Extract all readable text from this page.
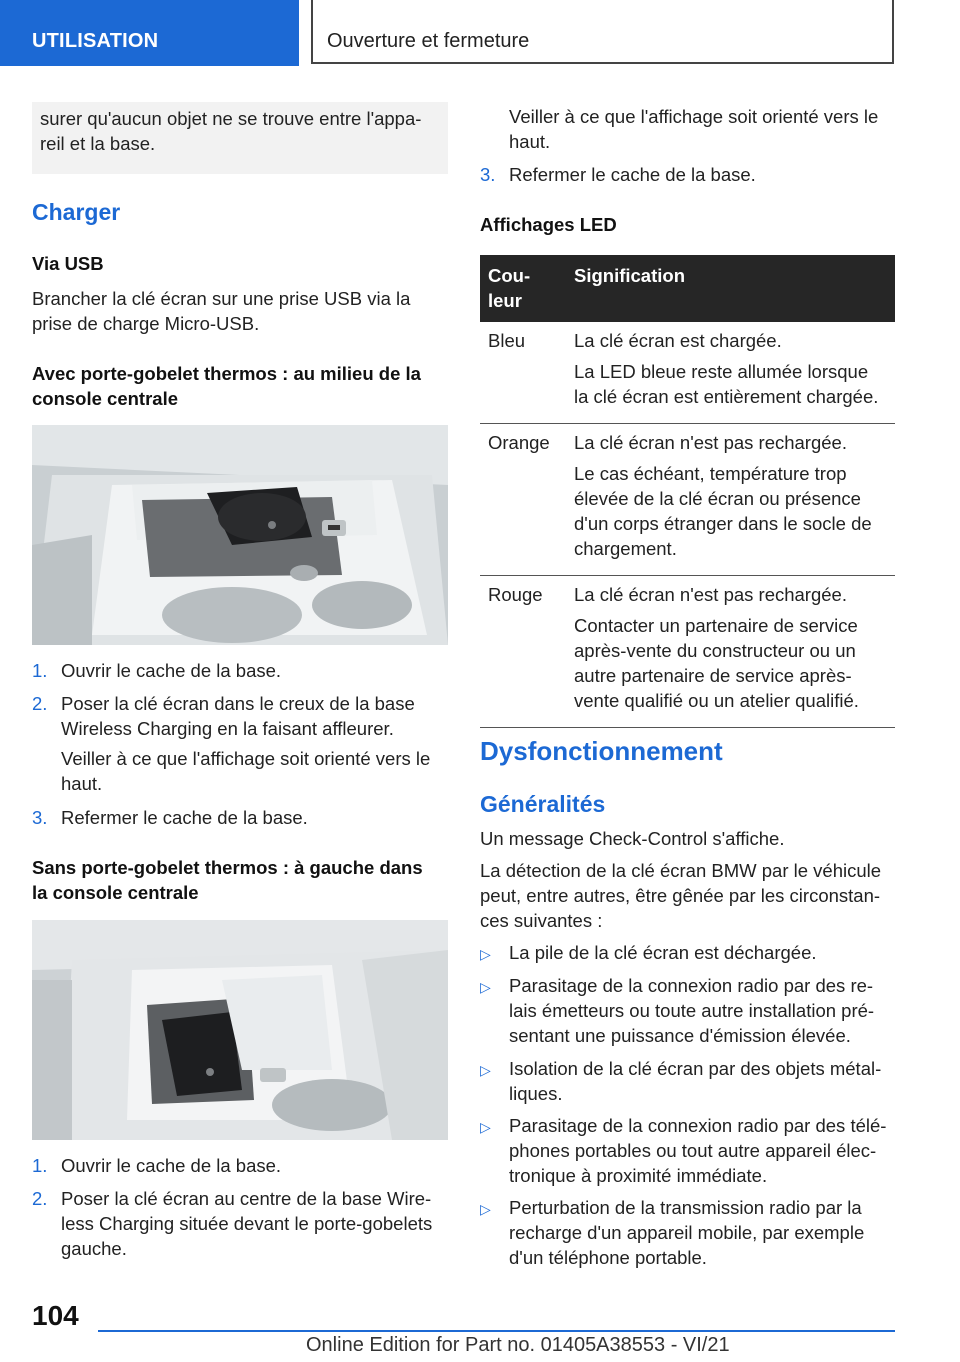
UTILISATION	Ouverture et fermeture
surer qu'aucun objet ne se trouve entre l'appa-reil et la base.
Charger
Via USB
Brancher la clé écran sur une prise USB via la prise de charge Micro-USB.
Avec porte-gobelet thermos : au milieu de la console centrale
1. Ouvrir le cache de la base.
2. Poser la clé écran dans le creux de la base Wireless Charging en la faisant affleurer.
Veiller à ce que l'affichage soit orienté vers le haut.
3. Refermer le cache de la base.
Sans porte-gobelet thermos : à gauche dans la console centrale
1. Ouvrir le cache de la base.
2. Poser la clé écran au centre de la base Wire-less Charging située devant le porte-gobelets gauche.
Veiller à ce que l'affichage soit orienté vers le haut.
3. Refermer le cache de la base.
Affichages LED
Cou-leur	Signification
Bleu	La clé écran est chargée.

La LED bleue reste allumée lorsque la clé écran est entièrement chargée.

Orange	La clé écran n'est pas rechargée.

Le cas échéant, température trop élevée de la clé écran ou présence d'un corps étranger dans le socle de chargement.

Rouge	La clé écran n'est pas rechargée.

Contacter un partenaire de service après-vente du constructeur ou un autre partenaire de service après-vente qualifié ou un atelier qualifié.

Dysfonctionnement
Généralités
Un message Check-Control s'affiche.
La détection de la clé écran BMW par le véhicule peut, entre autres, être gênée par les circonstan-ces suivantes :
▷ La pile de la clé écran est déchargée.
▷ Parasitage de la connexion radio par des re-lais émetteurs ou toute autre installation pré-sentant une puissance d'émission élevée.
▷ Isolation de la clé écran par des objets métal-liques.
▷ Parasitage de la connexion radio par des télé-phones portables ou tout autre appareil élec-tronique à proximité immédiate.
▷ Perturbation de la transmission radio par la recharge d'un appareil mobile, par exemple d'un téléphone portable.
104
Online Edition for Part no. 01405A38553 - VI/21
